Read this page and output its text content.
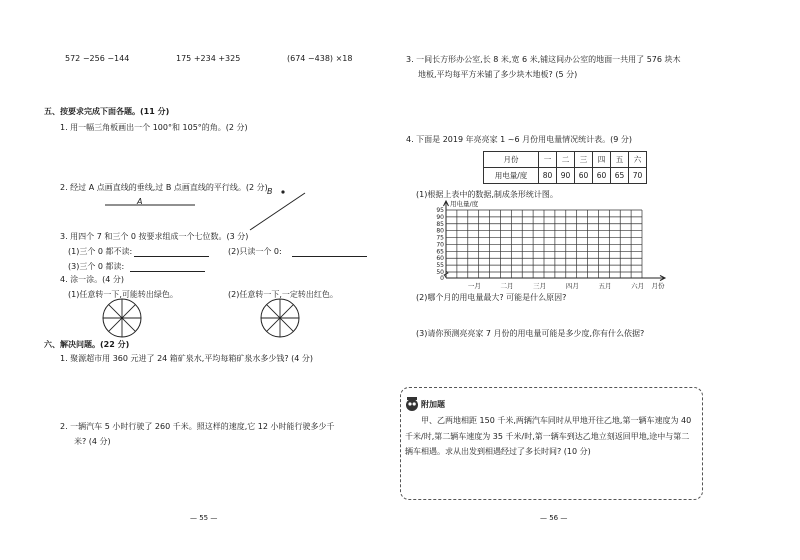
572 −256 −144	175 +234 +325	(674 −438) ×18
五、按要求完成下面各题。(11 分)
1. 用一幅三角板画出一个 100°和 105°的角。(2 分)
2. 经过 A 点画直线的垂线,过 B 点画直线的平行线。(2 分)
A
B
3. 用四个 7 和三个 0 按要求组成一个七位数。(3 分)
(1)三个 0 都不读:	(2)只读一个 0:
(3)三个 0 都读:
4. 涂一涂。(4 分)
(1)任意转一下,可能转出绿色。	(2)任意转一下,一定转出红色。
六、解决问题。(22 分)
1. 聚源超市用 360 元进了 24 箱矿泉水,平均每箱矿泉水多少钱? (4 分)
2. 一辆汽车 5 小时行驶了 260 千米。照这样的速度,它 12 小时能行驶多少千
米? (4 分)
— 55 —
3. 一间长方形办公室,长 8 米,宽 6 米,铺这间办公室的地面一共用了 576 块木
地板,平均每平方米铺了多少块木地板? (5 分)
4. 下面是 2019 年亮亮家 1 ~6 月份用电量情况统计表。(9 分)
月份	一	二	三	四	五	六
用电量/度	80	90	60	60	65	70
(1)根据上表中的数据,制成条形统计图。
50
55
60
65
70
75
80
85
90
95
0
用电量/度
一月	二月	三月	四月	五月	六月 月份
(2)哪个月的用电量最大? 可能是什么原因?
(3)请你预测亮亮家 7 月份的用电量可能是多少度,你有什么依据?
附加题
甲、乙两地相距 150 千米,两辆汽车同时从甲地开往乙地,第一辆车速度为 40 千米/时,第二辆车速度为 35 千米/时,第一辆车到达乙地立刻返回甲地,途中与第二辆车相遇。求从出发到相遇经过了多长时间? (10 分)
— 56 —
